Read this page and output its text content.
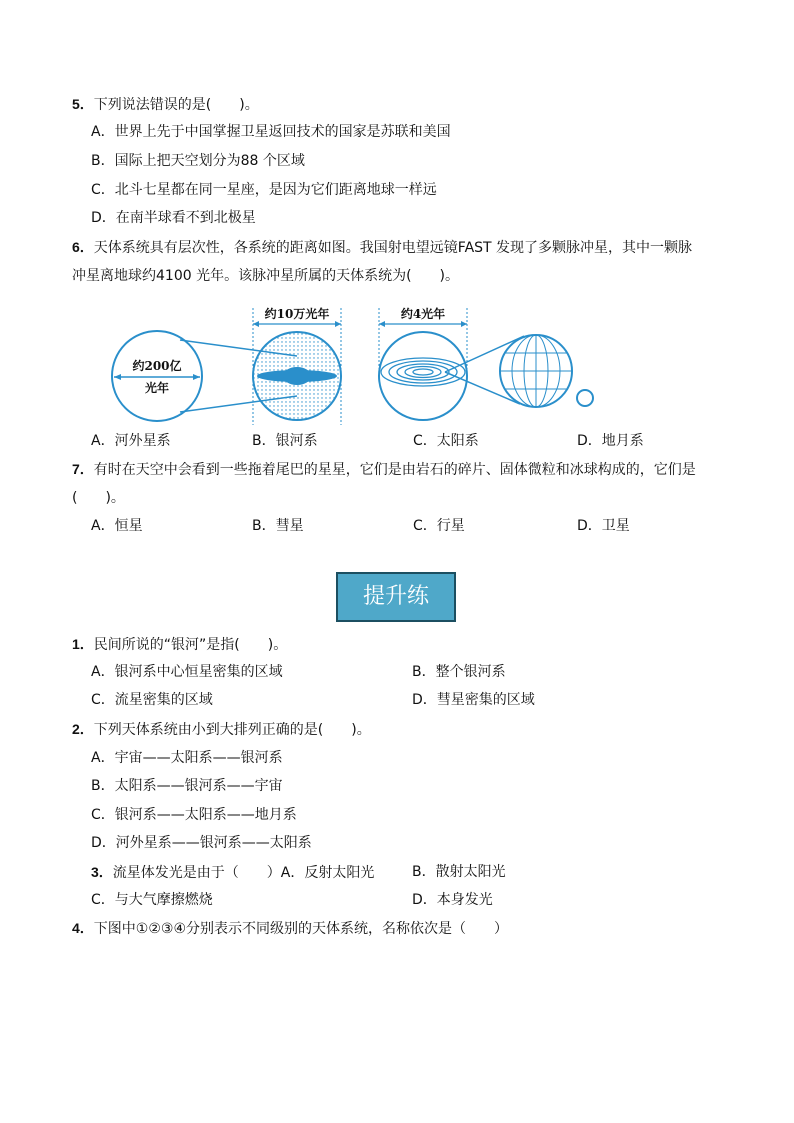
5．下列说法错误的是(　　)。
A．世界上先于中国掌握卫星返回技术的国家是苏联和美国
B．国际上把天空划分为88 个区域
C．北斗七星都在同一星座，是因为它们距离地球一样远
D．在南半球看不到北极星
6．天体系统具有层次性，各系统的距离如图。我国射电望远镜FAST 发现了多颗脉冲星，其中一颗脉
冲星离地球约4100 光年。该脉冲星所属的天体系统为(　　)。
约200亿
光年
约10万光年	约4光年
A．河外星系	B．银河系	C．太阳系	D．地月系
7．有时在天空中会看到一些拖着尾巴的星星，它们是由岩石的碎片、固体微粒和冰球构成的，它们是
(　　)。
A．恒星	B．彗星	C．行星	D．卫星
提升练
1．民间所说的“银河”是指(　　)。
A．银河系中心恒星密集的区域	B．整个银河系
C．流星密集的区域	D．彗星密集的区域
2．下列天体系统由小到大排列正确的是(　　)。
A．宇宙——太阳系——银河系
B．太阳系——银河系——宇宙
C．银河系——太阳系——地月系
D．河外星系——银河系——太阳系
3．流星体发光是由于（　　）A．反射太阳光	B．散射太阳光
C．与大气摩擦燃烧	D．本身发光
4．下图中①②③④分别表示不同级别的天体系统，名称依次是（　　）
